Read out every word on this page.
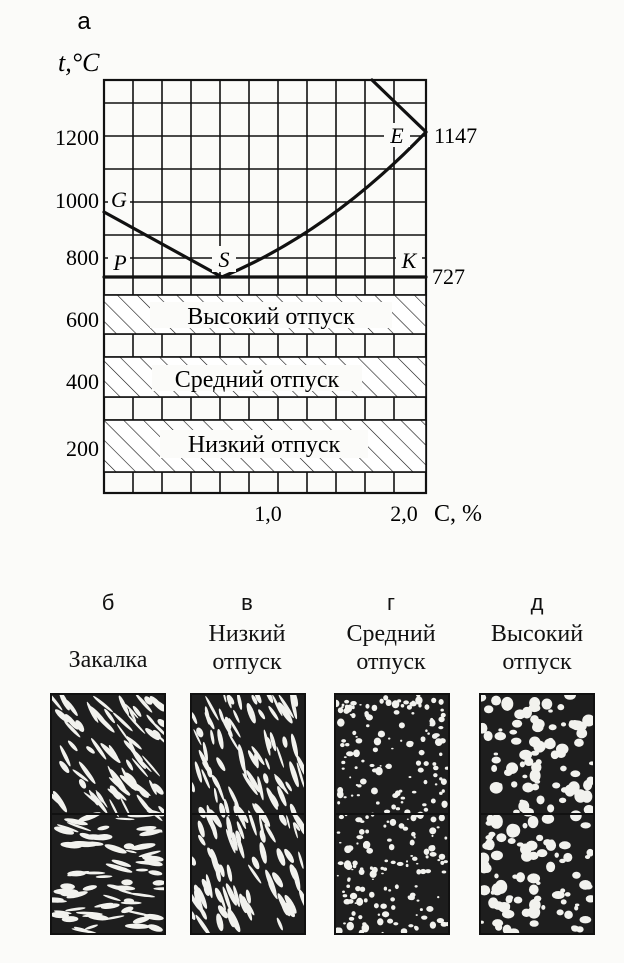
Высокий отпуск
Средний отпуск
Низкий отпуск
G
P	S
E
K
а
t,°C
C, %
1200
1000
800
600
400
200
1,0	2,0
1147
727
б	в	г	д
Закалка
Низкий
отпуск
Средний
отпуск
Высокий
отпуск
